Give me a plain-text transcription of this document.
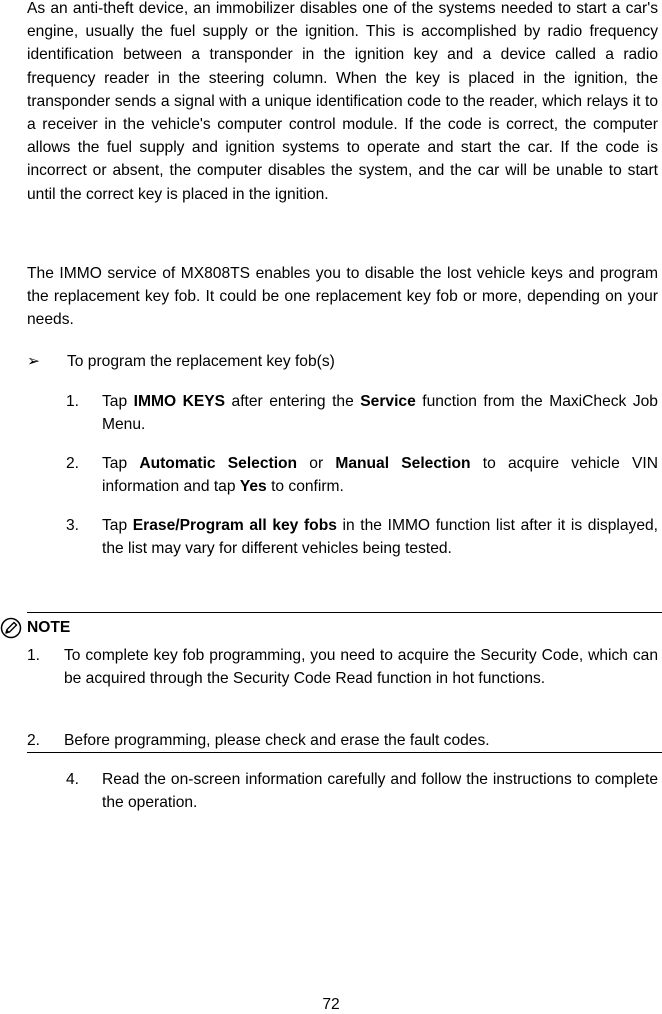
As an anti-theft device, an immobilizer disables one of the systems needed to start a car's engine, usually the fuel supply or the ignition. This is accomplished by radio frequency identification between a transponder in the ignition key and a device called a radio frequency reader in the steering column. When the key is placed in the ignition, the transponder sends a signal with a unique identification code to the reader, which relays it to a receiver in the vehicle's computer control module. If the code is correct, the computer allows the fuel supply and ignition systems to operate and start the car. If the code is incorrect or absent, the computer disables the system, and the car will be unable to start until the correct key is placed in the ignition.

The IMMO service of MX808TS enables you to disable the lost vehicle keys and program the replacement key fob. It could be one replacement key fob or more, depending on your needs.

➢ To program the replacement key fob(s)
1. Tap IMMO KEYS after entering the Service function from the MaxiCheck Job Menu.
2. Tap Automatic Selection or Manual Selection to acquire vehicle VIN information and tap Yes to confirm.
3. Tap Erase/Program all key fobs in the IMMO function list after it is displayed, the list may vary for different vehicles being tested.
NOTE
1. To complete key fob programming, you need to acquire the Security Code, which can be acquired through the Security Code Read function in hot functions.
2. Before programming, please check and erase the fault codes.
4. Read the on-screen information carefully and follow the instructions to complete the operation.
72
